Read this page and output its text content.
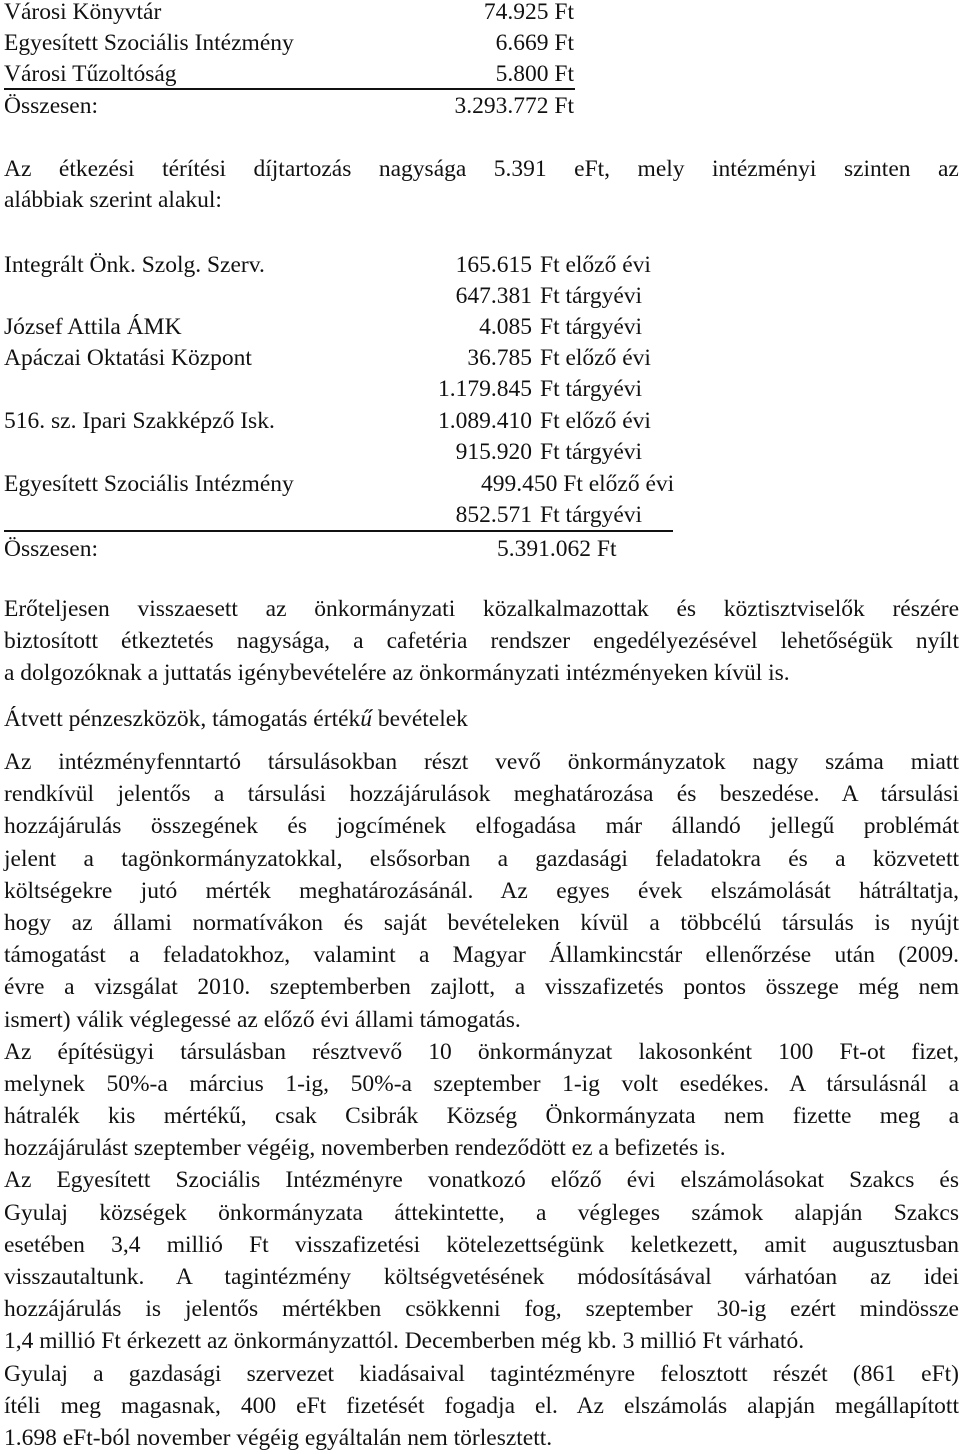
Városi Könyvtár	74.925 Ft
Egyesített Szociális Intézmény	6.669 Ft
Városi Tűzoltóság	5.800 Ft
Összesen:	3.293.772 Ft
Az étkezési térítési díjtartozás nagysága 5.391 eFt, mely intézményi szinten az
alábbiak szerint alakul:
Integrált Önk. Szolg. Szerv.	165.615 Ft előző évi
647.381 Ft tárgyévi
József Attila ÁMK	4.085 Ft tárgyévi
Apáczai Oktatási Központ	36.785 Ft előző évi
1.179.845 Ft tárgyévi
516. sz. Ipari Szakképző Isk.	1.089.410 Ft előző évi
915.920 Ft tárgyévi
Egyesített Szociális Intézmény	499.450 Ft előző évi
852.571 Ft tárgyévi
Összesen:	5.391.062 Ft
Erőteljesen visszaesett az önkormányzati közalkalmazottak és köztisztviselők részére
biztosított étkeztetés nagysága, a cafetéria rendszer engedélyezésével lehetőségük nyílt
a dolgozóknak a juttatás igénybevételére az önkormányzati intézményeken kívül is.
Átvett pénzeszközök, támogatás értékű bevételek
Az intézményfenntartó társulásokban részt vevő önkormányzatok nagy száma miatt
rendkívül jelentős a társulási hozzájárulások meghatározása és beszedése. A társulási
hozzájárulás összegének és jogcímének elfogadása már állandó jellegű problémát
jelent a tagönkormányzatokkal, elsősorban a gazdasági feladatokra és a közvetett
költségekre jutó mérték meghatározásánál. Az egyes évek elszámolását hátráltatja,
hogy az állami normatívákon és saját bevételeken kívül a többcélú társulás is nyújt
támogatást a feladatokhoz, valamint a Magyar Államkincstár ellenőrzése után (2009.
évre a vizsgálat 2010. szeptemberben zajlott, a visszafizetés pontos összege még nem
ismert) válik véglegessé az előző évi állami támogatás.
Az építésügyi társulásban résztvevő 10 önkormányzat lakosonként 100 Ft-ot fizet,
melynek 50%-a március 1-ig, 50%-a szeptember 1-ig volt esedékes. A társulásnál a
hátralék kis mértékű, csak Csibrák Község Önkormányzata nem fizette meg a
hozzájárulást szeptember végéig, novemberben rendeződött ez a befizetés is.
Az Egyesített Szociális Intézményre vonatkozó előző évi elszámolásokat Szakcs és
Gyulaj községek önkormányzata áttekintette, a végleges számok alapján Szakcs
esetében 3,4 millió Ft visszafizetési kötelezettségünk keletkezett, amit augusztusban
visszautaltunk. A tagintézmény költségvetésének módosításával várhatóan az idei
hozzájárulás is jelentős mértékben csökkenni fog, szeptember 30-ig ezért mindösszе
1,4 millió Ft érkezett az önkormányzattól. Decemberben még kb. 3 millió Ft várható.
Gyulaj a gazdasági szervezet kiadásaival tagintézményre felosztott részét (861 eFt)
ítéli meg magasnak, 400 eFt fizetését fogadja el. Az elszámolás alapján megállapított
1.698 eFt-ból november végéig egyáltalán nem törlesztett.
